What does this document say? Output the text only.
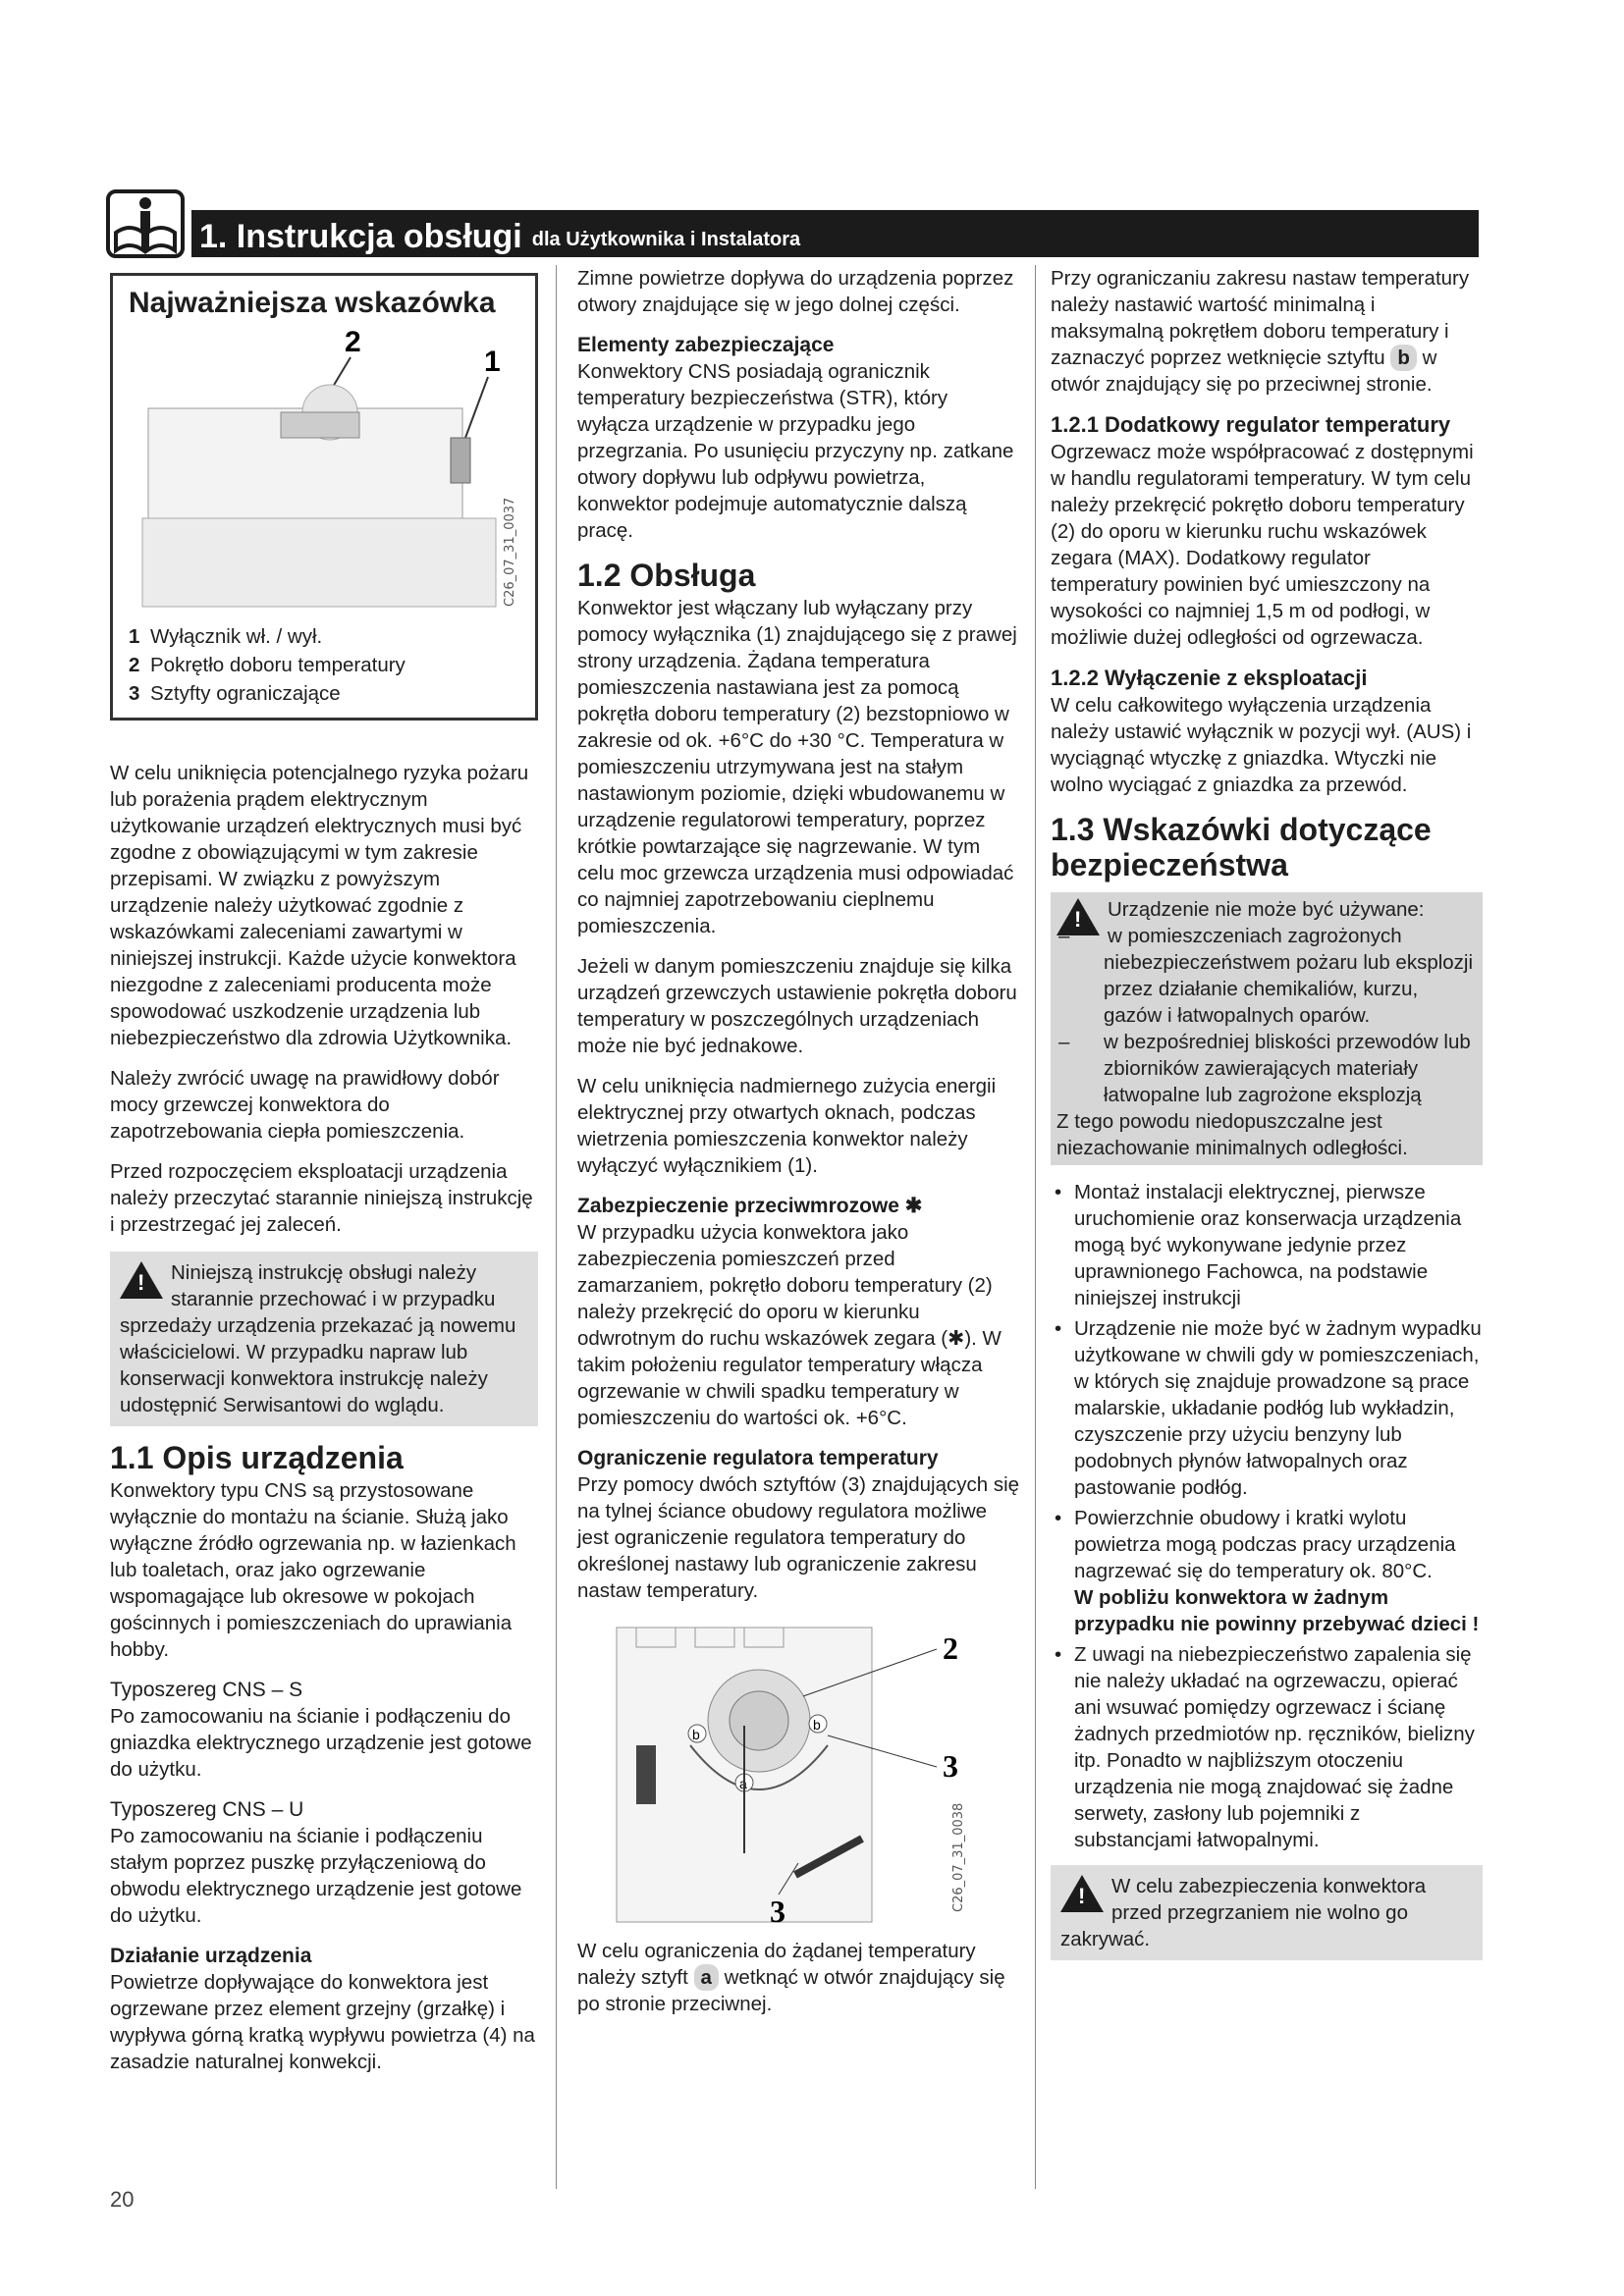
1. Instrukcja obsługi dla Użytkownika i Instalatora
Najważniejsza wskazówka
2
1
C26_07_31_0037
1 Wyłącznik wł. / wył.
2 Pokrętło doboru temperatury
3 Sztyfty ograniczające

W celu uniknięcia potencjalnego ryzyka pożaru lub porażenia prądem elektrycznym użytkowanie urządzeń elektrycznych musi być zgodne z obowiązującymi w tym zakresie przepisami. W związku z powyższym urządzenie należy użytkować zgodnie z wskazówkami zaleceniami zawartymi w niniejszej instrukcji. Każde użycie konwektora niezgodne z zaleceniami producenta może spowodować uszkodzenie urządzenia lub niebezpieczeństwo dla zdrowia Użytkownika.

Należy zwrócić uwagę na prawidłowy dobór mocy grzewczej konwektora do zapotrzebowania ciepła pomieszczenia.

Przed rozpoczęciem eksploatacji urządzenia należy przeczytać starannie niniejszą instrukcję i przestrzegać jej zaleceń.

!
Niniejszą instrukcję obsługi należy starannie przechować i w przypadku sprzedaży urządzenia przekazać ją nowemu właścicielowi. W przypadku napraw lub konserwacji konwektora instrukcję należy udostępnić Serwisantowi do wglądu.
1.1 Opis urządzenia

Konwektory typu CNS są przystosowane wyłącznie do montażu na ścianie. Służą jako wyłączne źródło ogrzewania np. w łazienkach lub toaletach, oraz jako ogrzewanie wspomagające lub okresowe w pokojach gościnnych i pomieszczeniach do uprawiania hobby.

Typoszereg CNS – S

Po zamocowaniu na ścianie i podłączeniu do gniazdka elektrycznego urządzenie jest gotowe do użytku.

Typoszereg CNS – U

Po zamocowaniu na ścianie i podłączeniu stałym poprzez puszkę przyłączeniową do obwodu elektrycznego urządzenie jest gotowe do użytku.

Działanie urządzenia

Powietrze dopływające do konwektora jest ogrzewane przez element grzejny (grzałkę) i wypływa górną kratką wypływu powietrza (4) na zasadzie naturalnej konwekcji.

Zimne powietrze dopływa do urządzenia poprzez otwory znajdujące się w jego dolnej części.

Elementy zabezpieczające

Konwektory CNS posiadają ogranicznik temperatury bezpieczeństwa (STR), który wyłącza urządzenie w przypadku jego przegrzania. Po usunięciu przyczyny np. zatkane otwory dopływu lub odpływu powietrza, konwektor podejmuje automatycznie dalszą pracę.

1.2 Obsługa

Konwektor jest włączany lub wyłączany przy pomocy wyłącznika (1) znajdującego się z prawej strony urządzenia. Żądana temperatura pomieszczenia nastawiana jest za pomocą pokrętła doboru temperatury (2) bezstopniowo w zakresie od ok. +6°C do +30 °C. Temperatura w pomieszczeniu utrzymywana jest na stałym nastawionym poziomie, dzięki wbudowanemu w urządzenie regulatorowi temperatury, poprzez krótkie powtarzające się nagrzewanie. W tym celu moc grzewcza urządzenia musi odpowiadać co najmniej zapotrzebowaniu cieplnemu pomieszczenia.

Jeżeli w danym pomieszczeniu znajduje się kilka urządzeń grzewczych ustawienie pokrętła doboru temperatury w poszczególnych urządzeniach może nie być jednakowe.

W celu uniknięcia nadmiernego zużycia energii elektrycznej przy otwartych oknach, podczas wietrzenia pomieszczenia konwektor należy wyłączyć wyłącznikiem (1).

Zabezpieczenie przeciwmrozowe ✱

W przypadku użycia konwektora jako zabezpieczenia pomieszczeń przed zamarzaniem, pokrętło doboru temperatury (2) należy przekręcić do oporu w kierunku odwrotnym do ruchu wskazówek zegara (✱). W takim położeniu regulator temperatury włącza ogrzewanie w chwili spadku temperatury w pomieszczeniu do wartości ok. +6°C.

Ograniczenie regulatora temperatury

Przy pomocy dwóch sztyftów (3) znajdujących się na tylnej ściance obudowy regulatora możliwe jest ograniczenie regulatora temperatury do określonej nastawy lub ograniczenie zakresu nastaw temperatury.

b
b
a
2
3
3	C26_07_31_0038

W celu ograniczenia do żądanej temperatury należy sztyft a wetknąć w otwór znajdujący się po stronie przeciwnej.

Przy ograniczaniu zakresu nastaw temperatury należy nastawić wartość minimalną i maksymalną pokrętłem doboru temperatury i zaznaczyć poprzez wetknięcie sztyftu b w otwór znajdujący się po przeciwnej stronie.

1.2.1 Dodatkowy regulator temperatury

Ogrzewacz może współpracować z dostępnymi w handlu regulatorami temperatury. W tym celu należy przekręcić pokrętło doboru temperatury (2) do oporu w kierunku ruchu wskazówek zegara (MAX). Dodatkowy regulator temperatury powinien być umieszczony na wysokości co najmniej 1,5 m od podłogi, w możliwie dużej odległości od ogrzewacza.

1.2.2 Wyłączenie z eksploatacji

W celu całkowitego wyłączenia urządzenia należy ustawić wyłącznik w pozycji wył. (AUS) i wyciągnąć wtyczkę z gniazdka. Wtyczki nie wolno wyciągać z gniazdka za przewód.

1.3 Wskazówki dotyczące bezpieczeństwa
!
Urządzenie nie może być używane:
– w pomieszczeniach zagrożonych niebezpieczeństwem pożaru lub eksplozji przez działanie chemikaliów, kurzu, gazów i łatwopalnych oparów.
– w bezpośredniej bliskości przewodów lub zbiorników zawierających materiały łatwopalne lub zagrożone eksplozją
Z tego powodu niedopuszczalne jest niezachowanie minimalnych odległości.
• Montaż instalacji elektrycznej, pierwsze uruchomienie oraz konserwacja urządzenia mogą być wykonywane jedynie przez uprawnionego Fachowca, na podstawie niniejszej instrukcji
• Urządzenie nie może być w żadnym wypadku użytkowane w chwili gdy w pomieszczeniach, w których się znajduje prowadzone są prace malarskie, układanie podłóg lub wykładzin, czyszczenie przy użyciu benzyny lub podobnych płynów łatwopalnych oraz pastowanie podłóg.
• Powierzchnie obudowy i kratki wylotu powietrza mogą podczas pracy urządzenia nagrzewać się do temperatury ok. 80°C.
W pobliżu konwektora w żadnym przypadku nie powinny przebywać dzieci !
• Z uwagi na niebezpieczeństwo zapalenia się nie należy układać na ogrzewaczu, opierać ani wsuwać pomiędzy ogrzewacz i ścianę żadnych przedmiotów np. ręczników, bielizny itp. Ponadto w najbliższym otoczeniu urządzenia nie mogą znajdować się żadne serwety, zasłony lub pojemniki z substancjami łatwopalnymi.
!
W celu zabezpieczenia konwektora przed przegrzaniem nie wolno go zakrywać.
20
